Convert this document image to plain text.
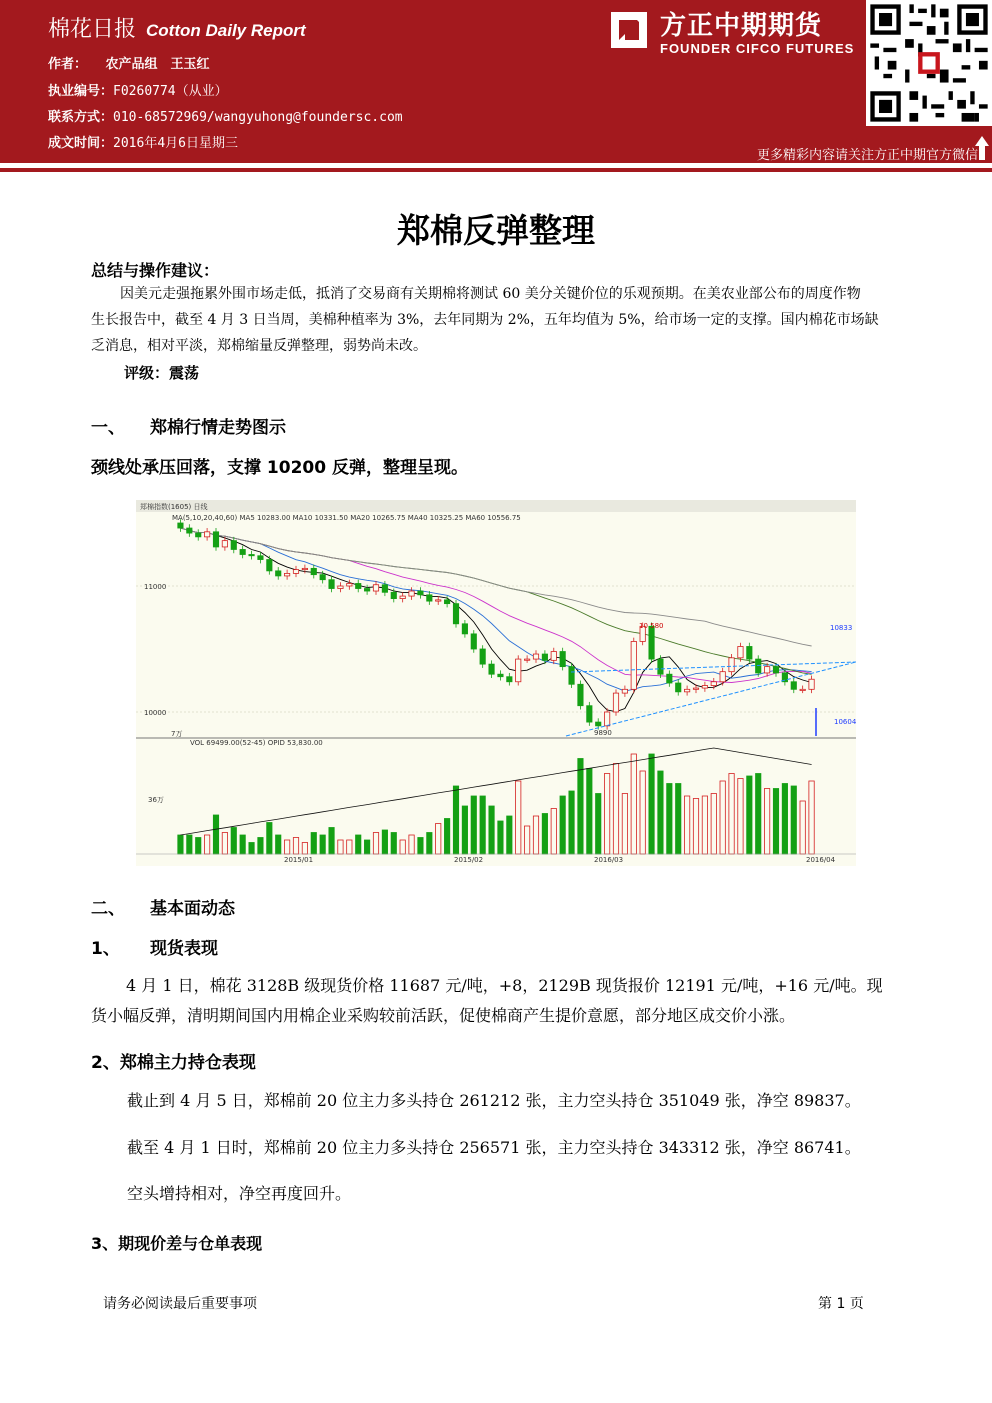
棉花日报 Cotton Daily Report
作者： 农产品组　王玉红
执业编号：F0260774（从业）
联系方式：010-68572969/wangyuhong@foundersc.com
成文时间：2016年4月6日星期三
方正中期期货
FOUNDER CIFCO FUTURES
更多精彩内容请关注方正中期官方微信
郑棉反弹整理
总结与操作建议：
因美元走强拖累外围市场走低，抵消了交易商有关期棉将测试 60 美分关键价位的乐观预期。在美农业部公布的周度作物
生长报告中，截至 4 月 3 日当周，美棉种植率为 3%，去年同期为 2%，五年均值为 5%，给市场一定的支撑。国内棉花市场缺
乏消息，相对平淡，郑棉缩量反弹整理，弱势尚未改。
评级：震荡
一、 郑棉行情走势图示
颈线处承压回落，支撑 10200 反弹，整理呈现。
郑棉指数(1605) 日线
MA(5,10,20,40,60) MA5 10283.00 MA10 10331.50 MA20 10265.75 MA40 10325.25 MA60 10556.75
10 580	10833
10604
9890
11000
10000
7万
VOL 69499.00(52-45) OPID 53,830.00
36万
2015/01	2015/02	2016/03	2016/04
二、 基本面动态
1、 现货表现
4 月 1 日，棉花 3128B 级现货价格 11687 元/吨，+8，2129B 现货报价 12191 元/吨，+16 元/吨。现
货小幅反弹，清明期间国内用棉企业采购较前活跃，促使棉商产生提价意愿，部分地区成交价小涨。
2、郑棉主力持仓表现
截止到 4 月 5 日，郑棉前 20 位主力多头持仓 261212 张，主力空头持仓 351049 张，净空 89837。
截至 4 月 1 日时，郑棉前 20 位主力多头持仓 256571 张，主力空头持仓 343312 张，净空 86741。
空头增持相对，净空再度回升。
3、期现价差与仓单表现
请务必阅读最后重要事项	第 1 页
